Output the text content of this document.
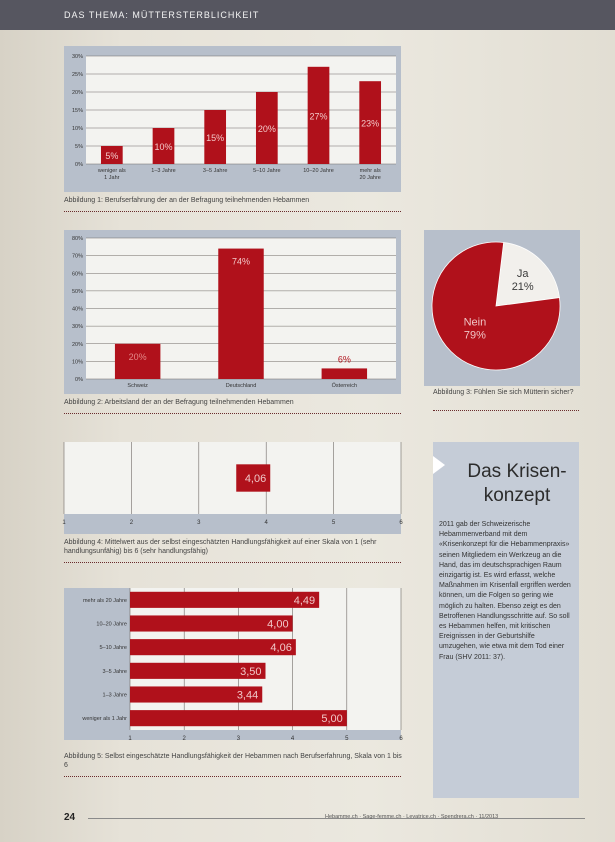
DAS THEMA: MÜTTERSTERBLICHKEIT
0%
5%
10%
15%
20%
25%
30%
5%
weniger als
1 Jahr
10%
1–3 Jahre
15%
3–5 Jahre
20%
5–10 Jahre
27%
10–20 Jahre
23%
mehr als
20 Jahre
Abbildung 1: Berufserfahrung der an der Befragung teilnehmenden Hebammen
0%
10%
20%
30%
40%
50%
60%
70%
80%
20%
Schweiz
74%
Deutschland
6%
Österreich
Abbildung 2: Arbeitsland der an der Befragung teilnehmenden Hebammen
Ja
21%
Nein
79%
Abbildung 3: Fühlen Sie sich Mütterin sicher?
1	2	3	4	5	6
4,06
Abbildung 4: Mittelwert aus der selbst eingeschätzten Handlungsfähigkeit auf einer Skala von 1 (sehr handlungsunfähig) bis 6 (sehr handlungsfähig)
1	2	3	4	5	6
4,49
mehr als 20 Jahre
4,00
10–20 Jahre
4,06
5–10 Jahre
3,50
3–5 Jahre
3,44
1–3 Jahre
5,00
weniger als 1 Jahr
Abbildung 5: Selbst eingeschätzte Handlungsfähigkeit der Hebammen nach Berufserfahrung, Skala von 1 bis 6
Das Krisen-konzept
2011 gab der Schweizerische Hebammenverband mit dem «Krisenkonzept für die Hebammenpraxis» seinen Mitgliedern ein Werkzeug an die Hand, das im deutschsprachigen Raum einzigartig ist. Es wird erfasst, welche Maßnahmen im Krisenfall ergriffen werden können, um die Folgen so gering wie möglich zu halten. Ebenso zeigt es den Betroffenen Handlungsschritte auf. So soll es Hebammen helfen, mit kritischen Ereignissen in der Geburtshilfe umzugehen, wie etwa mit dem Tod einer Frau (SHV 2011: 37).
24	Hebamme.ch · Sage-femme.ch · Levatrice.ch · Spendrera.ch · 11/2013
